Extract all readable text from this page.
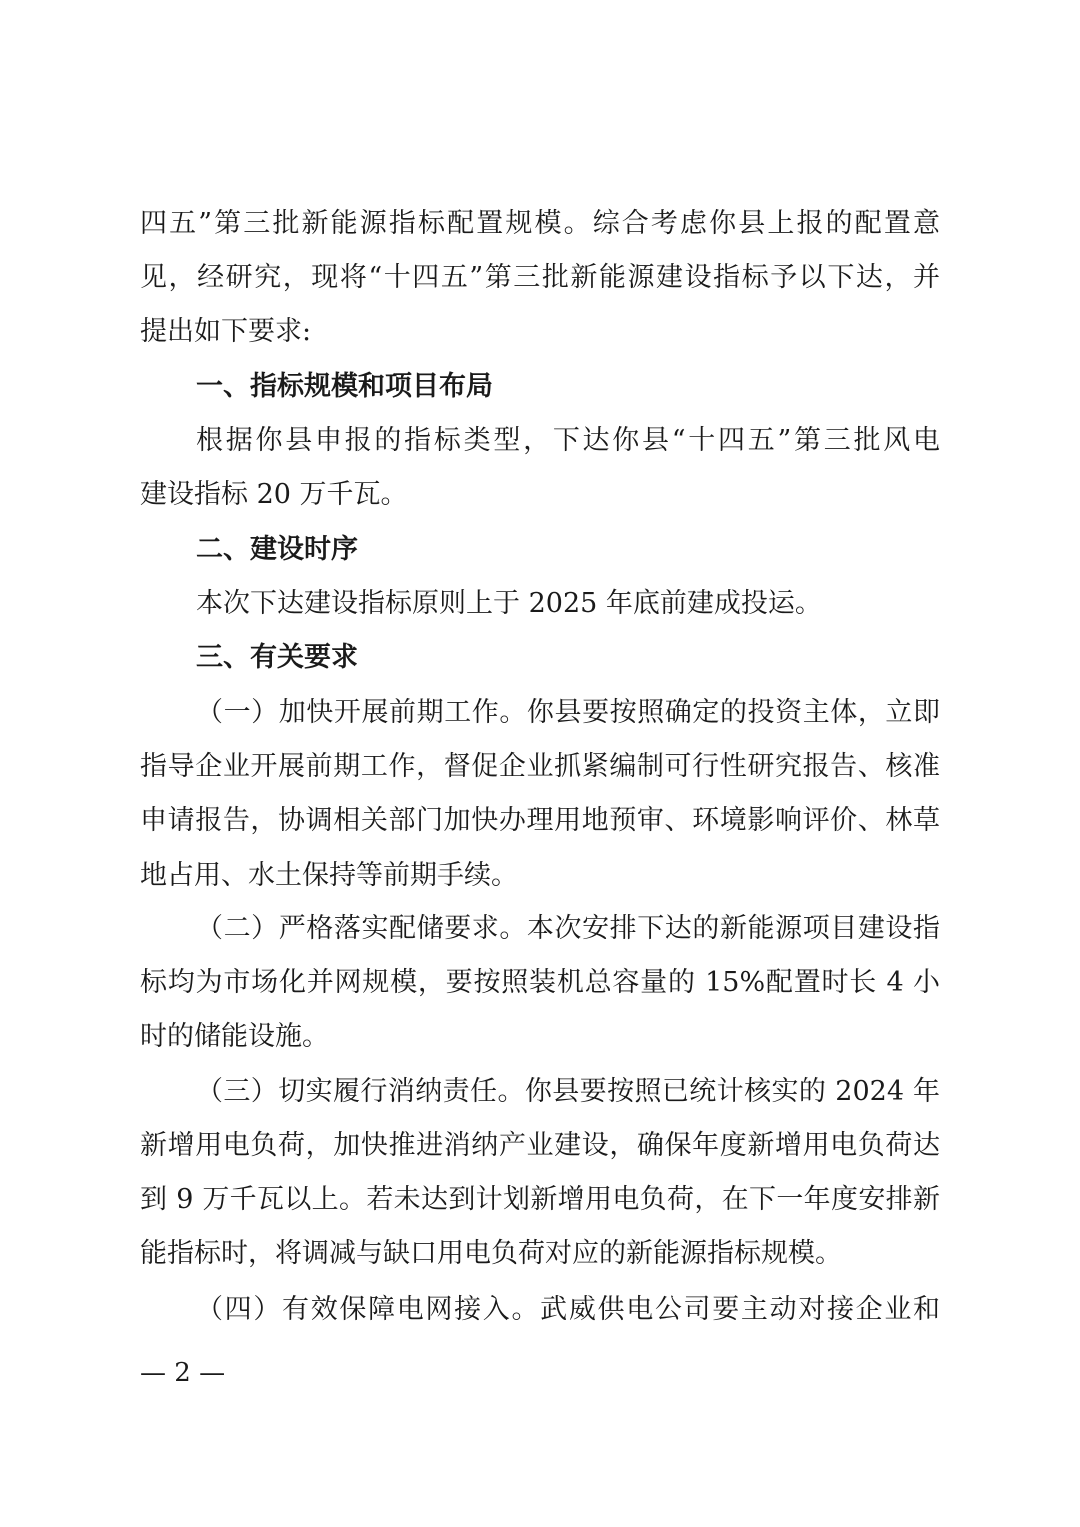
四五”第三批新能源指标配置规模。综合考虑你县上报的配置意
见，经研究，现将“十四五”第三批新能源建设指标予以下达，并
提出如下要求:
一、指标规模和项目布局
根据你县申报的指标类型，下达你县“十四五”第三批风电
建设指标 20 万千瓦。
二、建设时序
本次下达建设指标原则上于 2025 年底前建成投运。
三、有关要求
（一）加快开展前期工作。你县要按照确定的投资主体，立即
指导企业开展前期工作，督促企业抓紧编制可行性研究报告、核准
申请报告，协调相关部门加快办理用地预审、环境影响评价、林草
地占用、水土保持等前期手续。
（二）严格落实配储要求。本次安排下达的新能源项目建设指
标均为市场化并网规模，要按照装机总容量的 15%配置时长 4 小
时的储能设施。
（三）切实履行消纳责任。你县要按照已统计核实的 2024 年
新增用电负荷，加快推进消纳产业建设，确保年度新增用电负荷达
到 9 万千瓦以上。若未达到计划新增用电负荷，在下一年度安排新
能指标时，将调减与缺口用电负荷对应的新能源指标规模。
（四）有效保障电网接入。武威供电公司要主动对接企业和
— 2 —
